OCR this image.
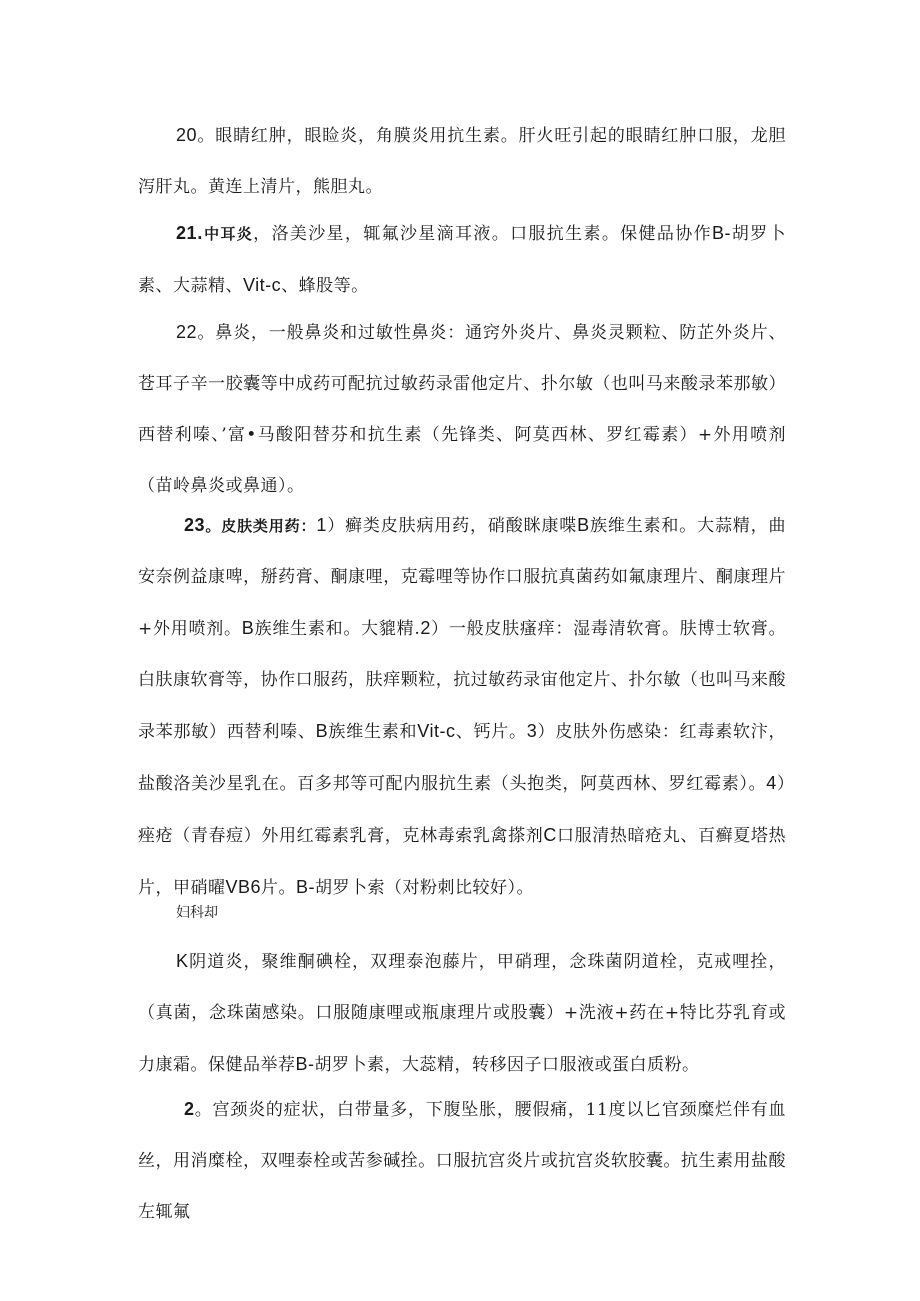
20。眼睛红肿，眼睑炎，角膜炎用抗生素。肝火旺引起的眼睛红肿口服，龙胆泻肝丸。黄连上清片，熊胆丸。

21.中耳炎，洛美沙星，辄氟沙星滴耳液。口服抗生素。保健品协作B-胡罗卜素、大蒜精、Vit-c、蜂股等。

22。鼻炎，一般鼻炎和过敏性鼻炎：通窍外炎片、鼻炎灵颗粒、防芷外炎片、苍耳子辛一胶囊等中成药可配抗过敏药录雷他定片、扑尔敏（也叫马来酸录苯那敏）西替利嗪、’富•马酸阳替芬和抗生素（先锋类、阿莫西林、罗红霉素）+外用喷剂（苗岭鼻炎或鼻通）。

23。皮肤类用药：1）癣类皮肤病用药，硝酸眯康喋B族维生素和。大蒜精，曲安奈例益康啤，掰药膏、酮康哩，克霉哩等协作口服抗真菌药如氟康理片、酮康理片+外用喷剂。B族维生素和。大貔精.2）一般皮肤瘙痒：湿毒清软膏。肤博士软膏。白肤康软膏等，协作口服药，肤痒颗粒，抗过敏药录宙他定片、扑尔敏（也叫马来酸录苯那敏）西替利嗪、B族维生素和Vit-c、钙片。3）皮肤外伤感染：红毒素软汴，盐酸洛美沙星乳在。百多邦等可配内服抗生素（头抱类，阿莫西林、罗红霉素）。4）痤疮（青春痘）外用红霉素乳膏，克林毒索乳禽搽剂C口服清热暗疮丸、百癣夏塔热片，甲硝曜VB6片。B-胡罗卜索（对粉刺比较好）。

妇科却

K阴道炎，聚维酮碘栓，双理泰泡藤片，甲硝理，念珠菌阴道栓，克戒哩拴，（真菌，念珠菌感染。口服随康哩或瓶康理片或股囊）+洗液+药在+特比芬乳育或力康霜。保健品举荐B-胡罗卜素，大蕊精，转移因子口服液或蛋白质粉。

2。宫颈炎的症状，白带量多，下腹坠胀，腰假痛，11度以匕官颈糜烂伴有血丝，用消糜栓，双哩泰栓或苦参碱拴。口服抗宫炎片或抗宫炎软胶囊。抗生素用盐酸左辄氟
